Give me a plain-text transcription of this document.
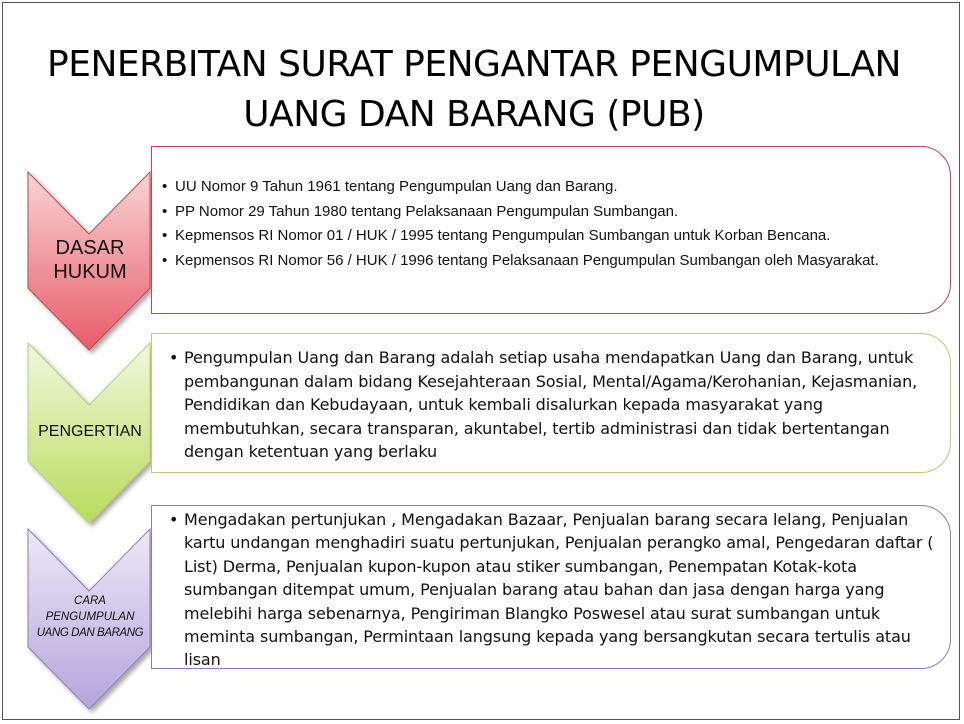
PENERBITAN SURAT PENGANTAR PENGUMPULAN
UANG DAN BARANG (PUB)
DASAR
HUKUM
• UU Nomor 9 Tahun 1961 tentang Pengumpulan Uang dan Barang.
• PP Nomor 29 Tahun 1980 tentang Pelaksanaan Pengumpulan Sumbangan.
• Kepmensos RI Nomor 01 / HUK / 1995 tentang Pengumpulan Sumbangan untuk Korban Bencana.
• Kepmensos RI Nomor 56 / HUK / 1996 tentang Pelaksanaan Pengumpulan Sumbangan oleh Masyarakat.
PENGERTIAN
• Pengumpulan Uang dan Barang adalah setiap usaha mendapatkan Uang dan Barang, untuk pembangunan dalam bidang Kesejahteraan Sosial, Mental/Agama/Kerohanian, Kejasmanian, Pendidikan dan Kebudayaan, untuk kembali disalurkan kepada masyarakat yang membutuhkan, secara transparan, akuntabel, tertib administrasi dan tidak bertentangan dengan ketentuan yang berlaku
CARA
PENGUMPULAN
UANG DAN BARANG
• Mengadakan pertunjukan , Mengadakan Bazaar, Penjualan barang secara lelang, Penjualan kartu undangan menghadiri suatu pertunjukan, Penjualan perangko amal, Pengedaran daftar ( List) Derma, Penjualan kupon-kupon atau stiker sumbangan, Penempatan Kotak-kota sumbangan ditempat umum, Penjualan barang atau bahan dan jasa dengan harga yang melebihi harga sebenarnya, Pengiriman Blangko Poswesel atau surat sumbangan untuk meminta sumbangan, Permintaan langsung kepada yang bersangkutan secara tertulis atau lisan
